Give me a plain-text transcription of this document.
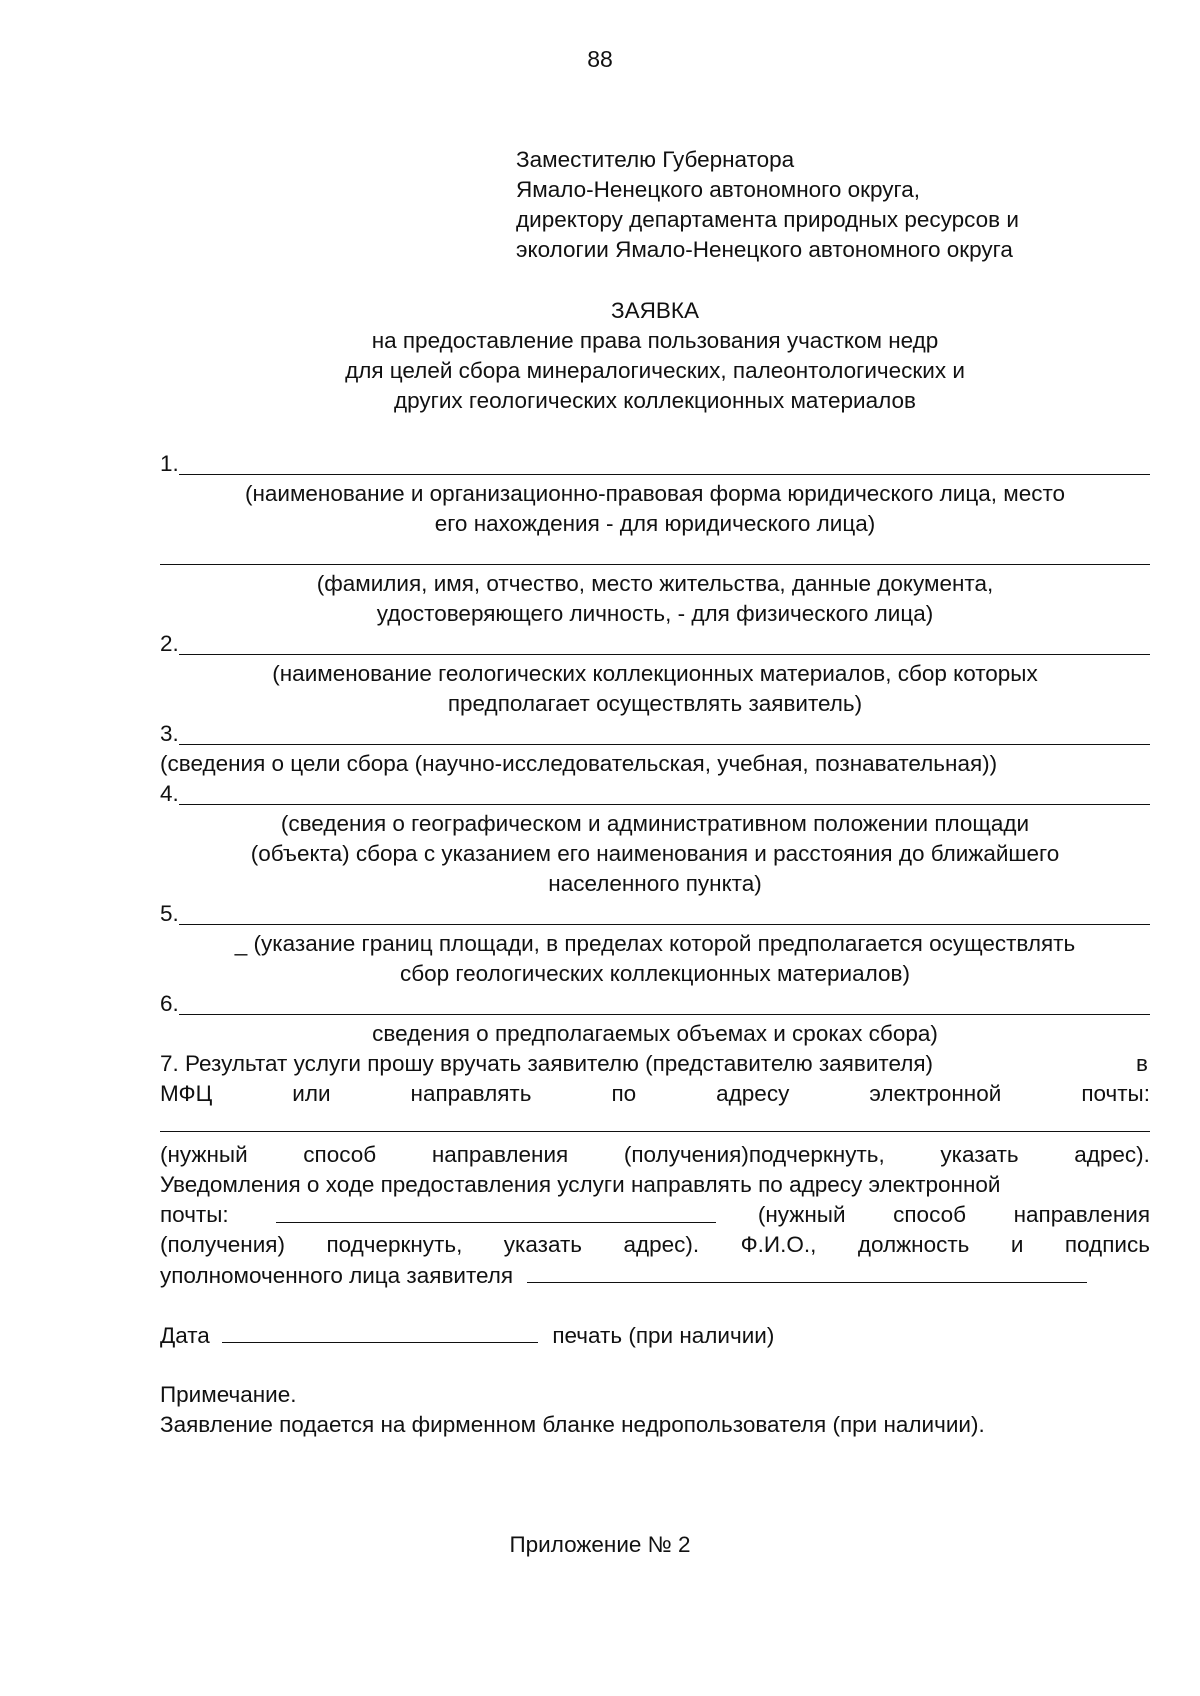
88
Заместителю Губернатора
Ямало-Ненецкого автономного округа,
директору департамента природных ресурсов и
экологии Ямало-Ненецкого автономного округа
ЗАЯВКА
на предоставление права пользования участком недр
для целей сбора минералогических, палеонтологических и
других геологических коллекционных материалов
1.
(наименование и организационно-правовая форма юридического лица, место
его нахождения - для юридического лица)
(фамилия, имя, отчество, место жительства, данные документа,
удостоверяющего личность, - для физического лица)
2.
(наименование геологических коллекционных материалов, сбор которых
предполагает осуществлять заявитель)
3.
(сведения о цели сбора (научно-исследовательская, учебная, познавательная))
4.
(сведения о географическом и административном положении площади
(объекта) сбора с указанием его наименования и расстояния до ближайшего
населенного пункта)
5.
_ (указание границ площади, в пределах которой предполагается осуществлять
сбор геологических коллекционных материалов)
6.
сведения о предполагаемых объемах и сроках сбора)
7. Результат услуги прошу вручать заявителю (представителю заявителя)	в
МФЦ	или	направлять	по	адресу	электронной	почты:
(нужный способ направления (получения)подчеркнуть, указать адрес).
Уведомления о ходе предоставления услуги направлять по адресу электронной
почты:	(нужный способ направления
(получения) подчеркнуть, указать адрес). Ф.И.О., должность и подпись
уполномоченного лица заявителя
Дата	печать (при наличии)
Примечание.
Заявление подается на фирменном бланке недропользователя (при наличии).
Приложение № 2
